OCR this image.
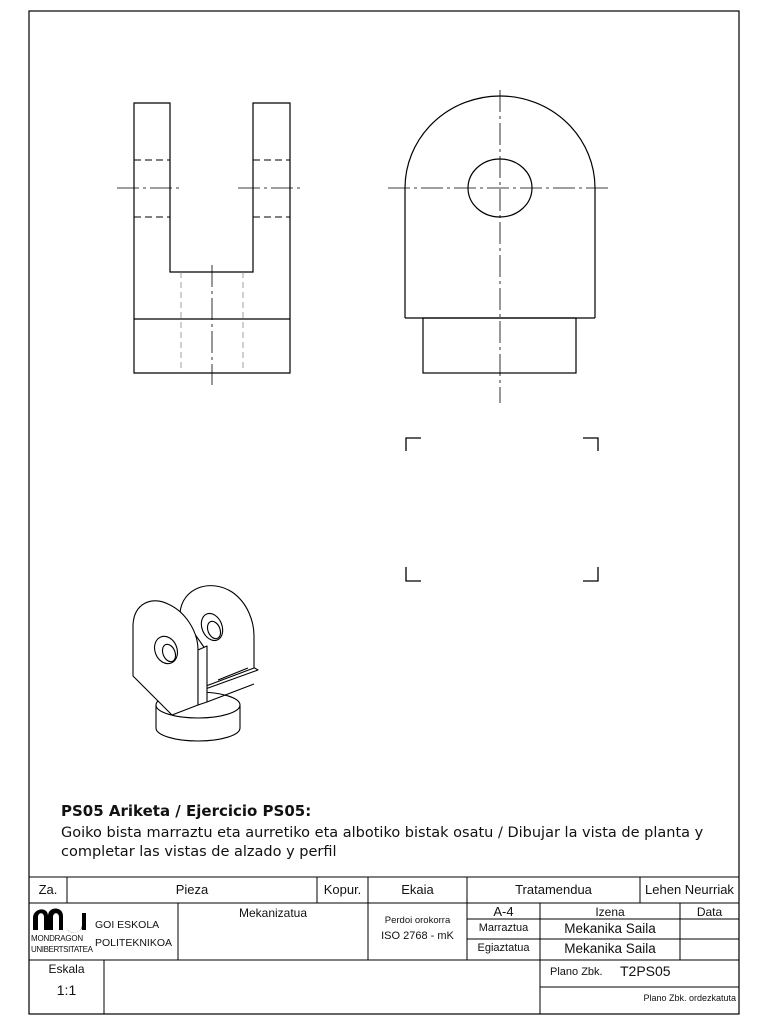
PS05 Ariketa / Ejercicio PS05:
Goiko bista marraztu eta aurretiko eta albotiko bistak osatu / Dibujar la vista de planta y
completar las vistas de alzado y perfil
Za.	Pieza	Kopur.	Ekaia	Tratamendua	Lehen Neurriak
MONDRAGON
UNIBERTSITATEA
GOI ESKOLA
POLITEKNIKOA
Mekanizatua
Perdoi orokorra
ISO 2768 - mK
A-4	Izena	Data
Marraztua	Mekanika Saila
Egiaztatua	Mekanika Saila
Eskala
1:1
Plano Zbk. T2PS05
Plano Zbk. ordezkatuta
